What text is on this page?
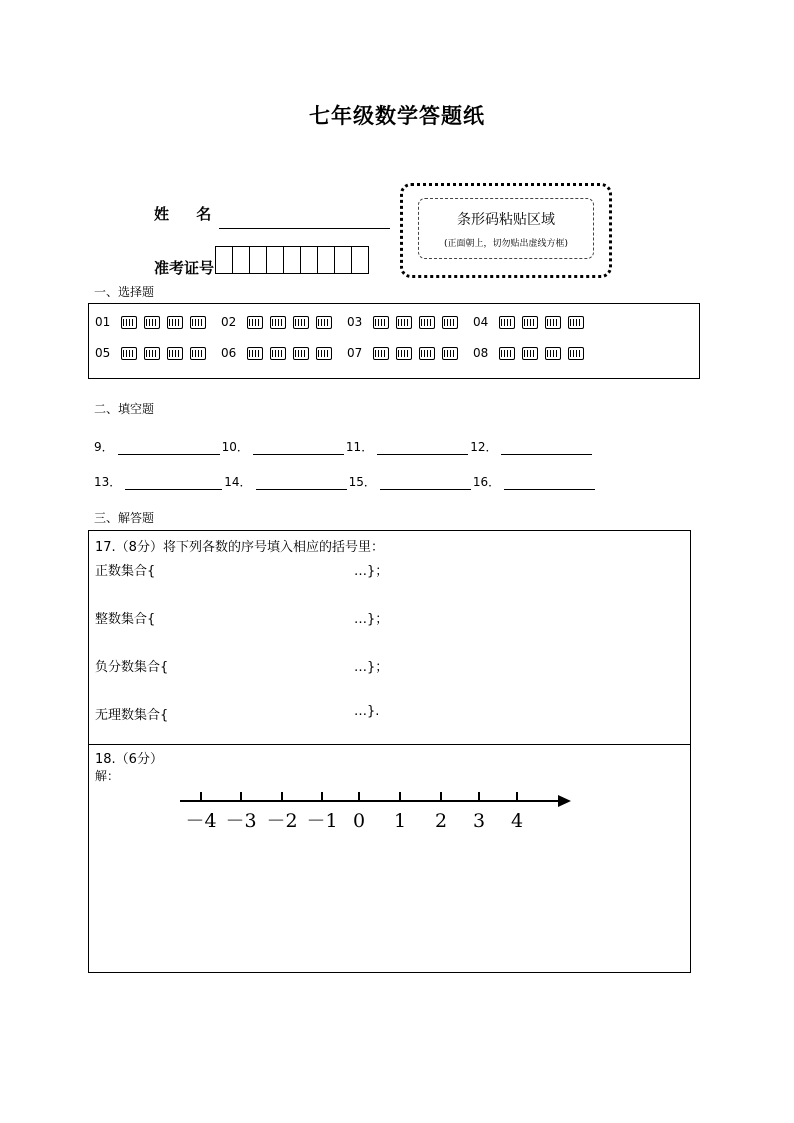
七年级数学答题纸
姓 名
准考证号
条形码粘贴区域
(正面朝上，切勿贴出虚线方框)
一、选择题
01	02	03	04
05	06	07	08
二、填空题
9．	10．	11．	12．
13．	14．	15．	16．
三、解答题
17.（8分）将下列各数的序号填入相应的括号里：
正数集合{	…}；
整数集合{	…}；
负分数集合{	…}；
无理数集合{	…}.
18.（6分）
解：
－4 －3 －2 －1 0 1 2 3 4
